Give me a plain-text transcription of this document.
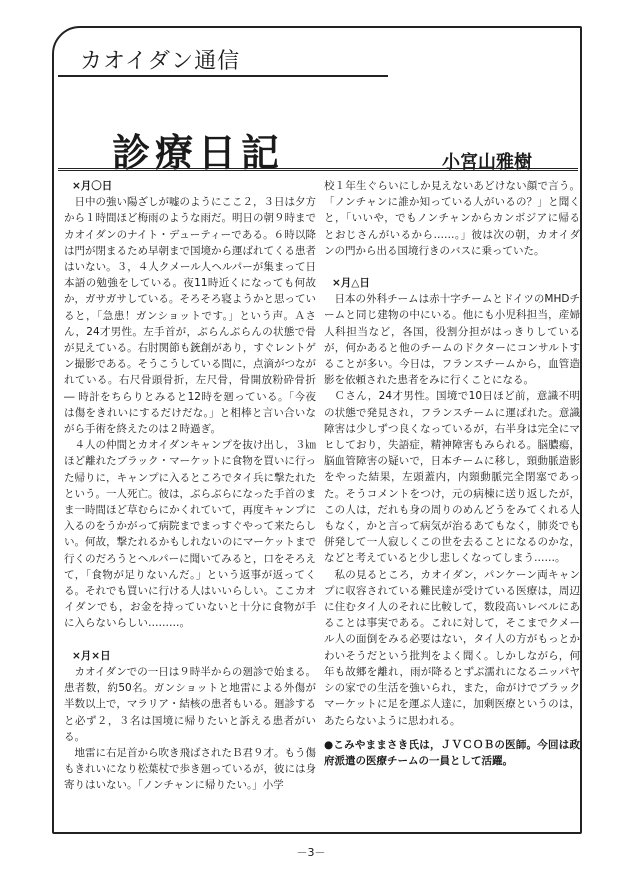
カオイダン通信
診療日記	小宮山雅樹

×月〇日

日中の強い陽ざしが嘘のようにここ２，３日は夕方から１時間ほど梅雨のような雨だ。明日の朝９時までカオイダンのナイト・デューティーである。６時以降は門が閉まるため早朝まで国境から運ばれてくる患者はいない。３，４人クメール人ヘルパーが集まって日本語の勉強をしている。夜11時近くになっても何故か，ガサガサしている。そろそろ寝ようかと思っていると，「急患！ガンショットです。」という声。Ａさん，24才男性。左手首が，ぶらんぶらんの状態で骨が見えている。右肘関節も銃創があり，すぐレントゲン撮影である。そうこうしている間に，点滴がつながれている。右尺骨頭骨折，左尺骨，骨開放粉砕骨折 ― 時計をちらりとみると12時を廻っている。「今夜は傷をきれいにするだけだな。」と相棒と言い合いながら手術を終えたのは２時過ぎ。

４人の仲間とカオイダンキャンプを抜け出し，３㎞ほど離れたブラック・マーケットに食物を買いに行った帰りに，キャンプに入るところでタイ兵に撃たれたという。一人死亡。彼は，ぶらぶらになった手首のまま一時間ほど草むらにかくれていて，再度キャンプに入るのをうかがって病院までまっすぐやって来たらしい。何故，撃たれるかもしれないのにマーケットまで行くのだろうとヘルパーに聞いてみると，口をそろえて，「食物が足りないんだ。」という返事が返ってくる。それでも買いに行ける人はいいらしい。ここカオイダンでも，お金を持っていないと十分に食物が手に入らないらしい………。

×月×日

カオイダンでの一日は９時半からの廻診で始まる。患者数，約50名。ガンショットと地雷による外傷が半数以上で，マラリア・結核の患者もいる。廻診すると必ず２，３名は国境に帰りたいと訴える患者がいる。

地雷に右足首から吹き飛ばされたＢ君９才。もう傷もきれいになり松葉杖で歩き廻っているが，彼には身寄りはいない。「ノンチャンに帰りたい。」小学

校１年生ぐらいにしか見えないあどけない顔で言う。「ノンチャンに誰か知っている人がいるの？」と聞くと，「いいや，でもノンチャンからカンボジアに帰るとおじさんがいるから……。」彼は次の朝，カオイダンの門から出る国境行きのバスに乗っていた。

×月△日

日本の外科チームは赤十字チームとドイツのMHDチームと同じ建物の中にいる。他にも小児科担当，産婦人科担当など，各国，役割分担がはっきりしているが，何かあると他のチームのドクターにコンサルトすることが多い。今日は，フランスチームから，血管造影を依頼された患者をみに行くことになる。

Ｃさん，24才男性。国境で10日ほど前，意識不明の状態で発見され，フランスチームに運ばれた。意識障害は少しずつ良くなっているが，右半身は完全にマヒしており，失語症，精神障害もみられる。脳膿瘍，脳血管障害の疑いで，日本チームに移し，頸動脈造影をやった結果，左頭蓋内，内頸動脈完全閉塞であった。そうコメントをつけ，元の病棟に送り返したが，この人は，だれも身の周りのめんどうをみてくれる人もなく，かと言って病気が治るあてもなく，肺炎でも併発して一人寂しくこの世を去ることになるのかな，などと考えていると少し悲しくなってしまう……。

私の見るところ，カオイダン，パンケーン両キャンプに収容されている難民達が受けている医療は，周辺に住むタイ人のそれに比較して，数段高いレベルにあることは事実である。これに対して，そこまでクメール人の面倒をみる必要はない，タイ人の方がもっとかわいそうだという批判をよく聞く。しかしながら，何年も故郷を離れ，雨が降るとずぶ濡れになるニッパヤシの家での生活を強いられ，また，命がけでブラックマーケットに足を運ぶ人達に，加剰医療というのは，あたらないように思われる。

●こみやままさき氏は，ＪＶＣＯＢの医師。今回は政府派遣の医療チームの一員として活躍。

－3－
